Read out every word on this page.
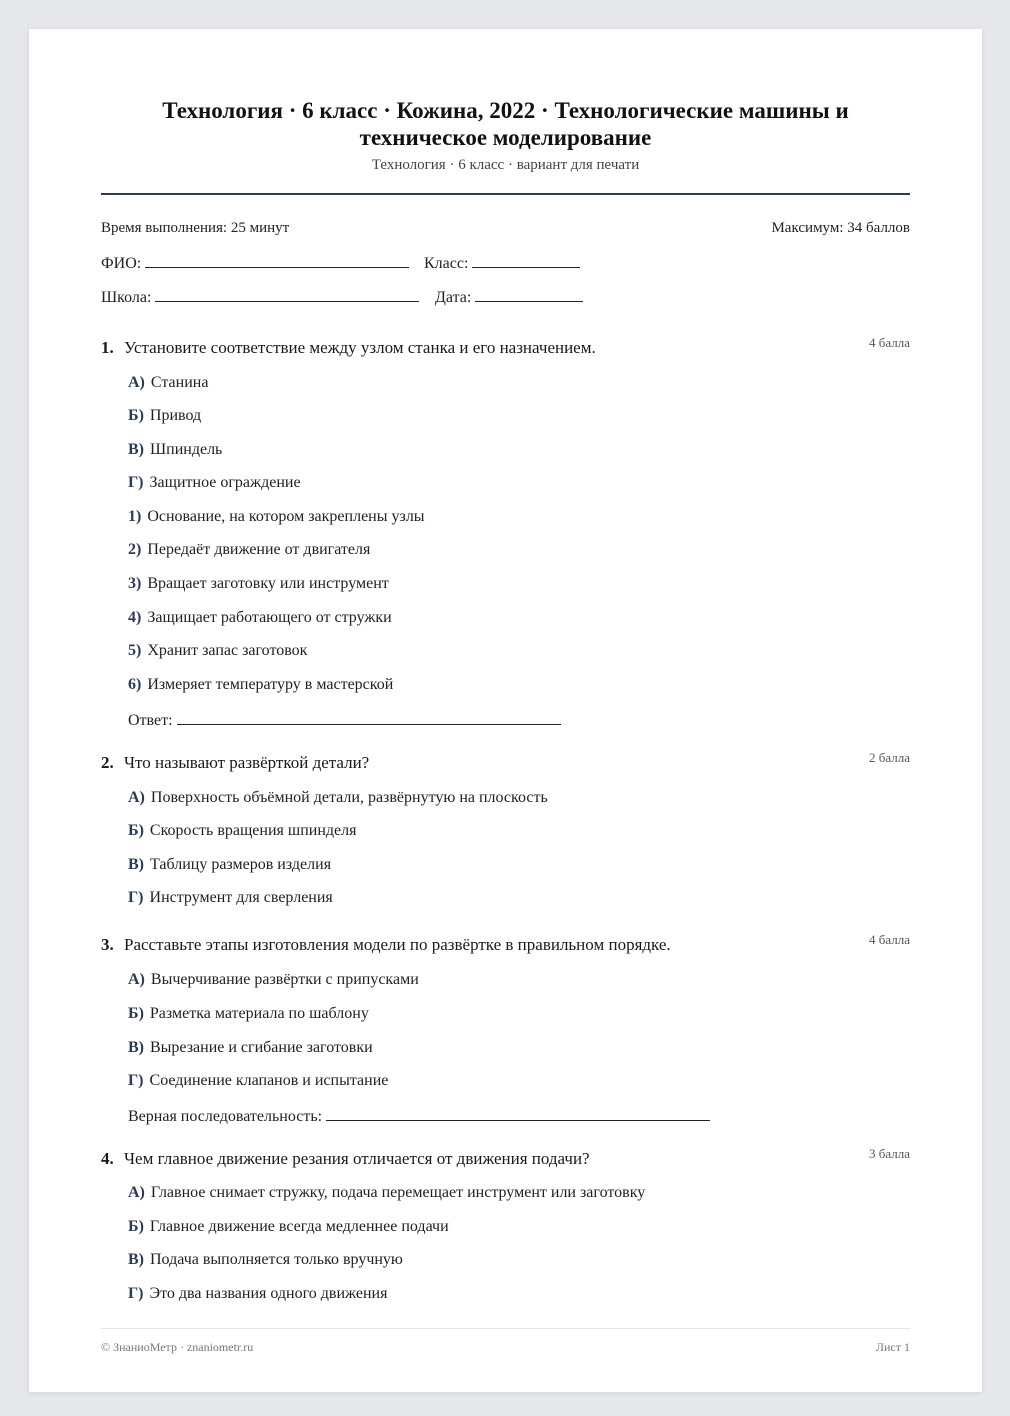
Технология · 6 класс · Кожина, 2022 · Технологические машины и техническое моделирование
Технология · 6 класс · вариант для печати
Время выполнения: 25 минут	Максимум: 34 баллов
ФИО:	Класс:
Школа:	Дата:
1. Установите соответствие между узлом станка и его назначением.	4 балла
А) Станина
Б) Привод
В) Шпиндель
Г) Защитное ограждение
1) Основание, на котором закреплены узлы
2) Передаёт движение от двигателя
3) Вращает заготовку или инструмент
4) Защищает работающего от стружки
5) Хранит запас заготовок
6) Измеряет температуру в мастерской
Ответ:
2. Что называют развёрткой детали?	2 балла
А) Поверхность объёмной детали, развёрнутую на плоскость
Б) Скорость вращения шпинделя
В) Таблицу размеров изделия
Г) Инструмент для сверления
3. Расставьте этапы изготовления модели по развёртке в правильном порядке.	4 балла
А) Вычерчивание развёртки с припусками
Б) Разметка материала по шаблону
В) Вырезание и сгибание заготовки
Г) Соединение клапанов и испытание
Верная последовательность:
4. Чем главное движение резания отличается от движения подачи?	3 балла
А) Главное снимает стружку, подача перемещает инструмент или заготовку
Б) Главное движение всегда медленнее подачи
В) Подача выполняется только вручную
Г) Это два названия одного движения
© ЗнаниоМетр · znaniometr.ru	Лист 1
